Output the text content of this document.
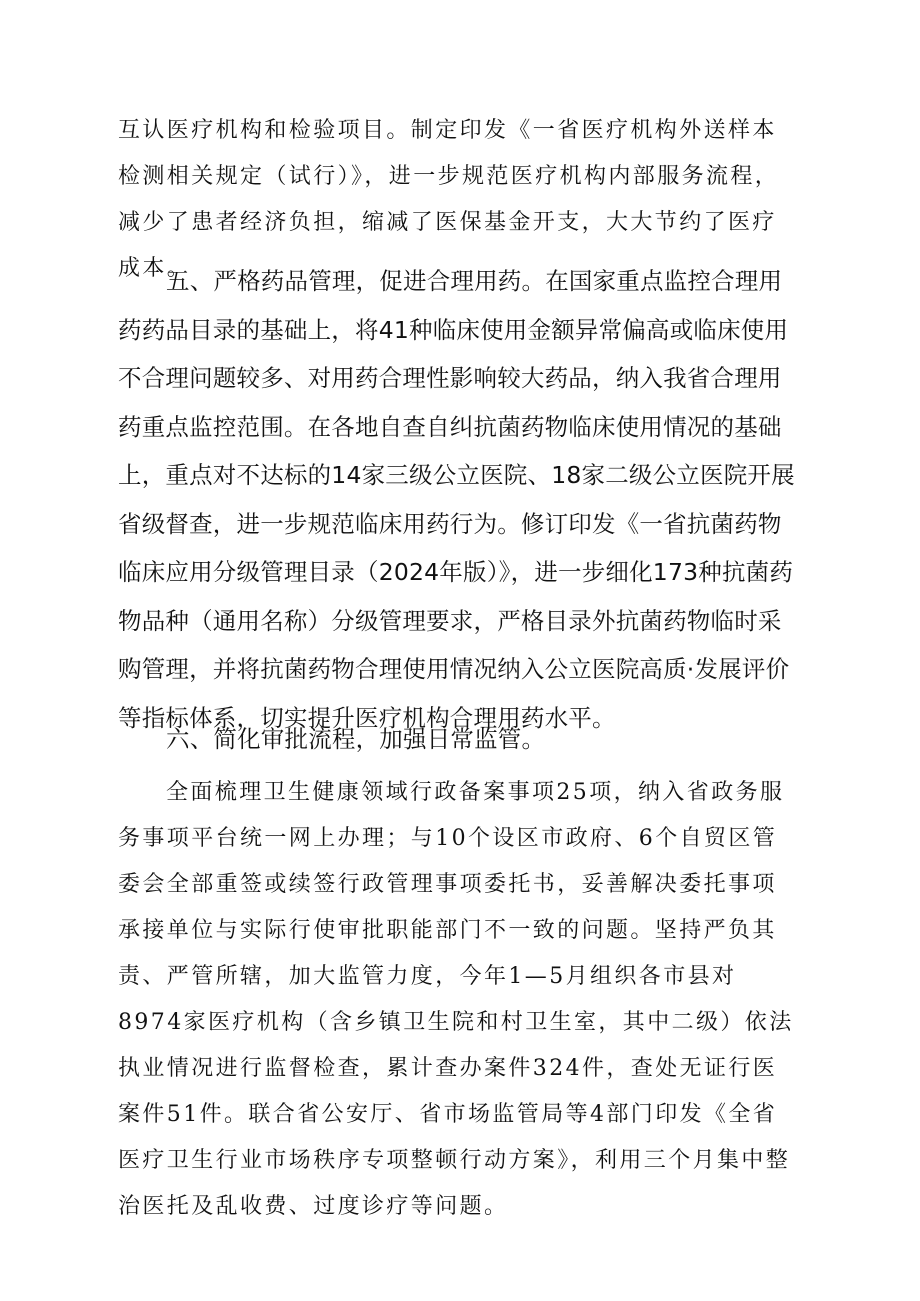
互认医疗机构和检验项目。制定印发《一省医疗机构外送样本检测相关规定（试行）》，进一步规范医疗机构内部服务流程，减少了患者经济负担，缩减了医保基金开支，大大节约了医疗成本。

五、严格药品管理，促进合理用药。在国家重点监控合理用药药品目录的基础上，将41种临床使用金额异常偏高或临床使用不合理问题较多、对用药合理性影响较大药品，纳入我省合理用药重点监控范围。在各地自查自纠抗菌药物临床使用情况的基础上，重点对不达标的14家三级公立医院、18家二级公立医院开展省级督查，进一步规范临床用药行为。修订印发《一省抗菌药物临床应用分级管理目录（2024年版）》，进一步细化173种抗菌药物品种（通用名称）分级管理要求，严格目录外抗菌药物临时采购管理，并将抗菌药物合理使用情况纳入公立医院高质·发展评价等指标体系，切实提升医疗机构合理用药水平。

六、简化审批流程，加强日常监管。

全面梳理卫生健康领域行政备案事项25项，纳入省政务服务事项平台统一网上办理；与10个设区市政府、6个自贸区管委会全部重签或续签行政管理事项委托书，妥善解决委托事项承接单位与实际行使审批职能部门不一致的问题。坚持严负其责、严管所辖，加大监管力度，今年1—5月组织各市县对8974家医疗机构（含乡镇卫生院和村卫生室，其中二级）依法执业情况进行监督检查，累计查办案件324件，查处无证行医案件51件。联合省公安厅、省市场监管局等4部门印发《全省医疗卫生行业市场秩序专项整顿行动方案》，利用三个月集中整治医托及乱收费、过度诊疗等问题。
